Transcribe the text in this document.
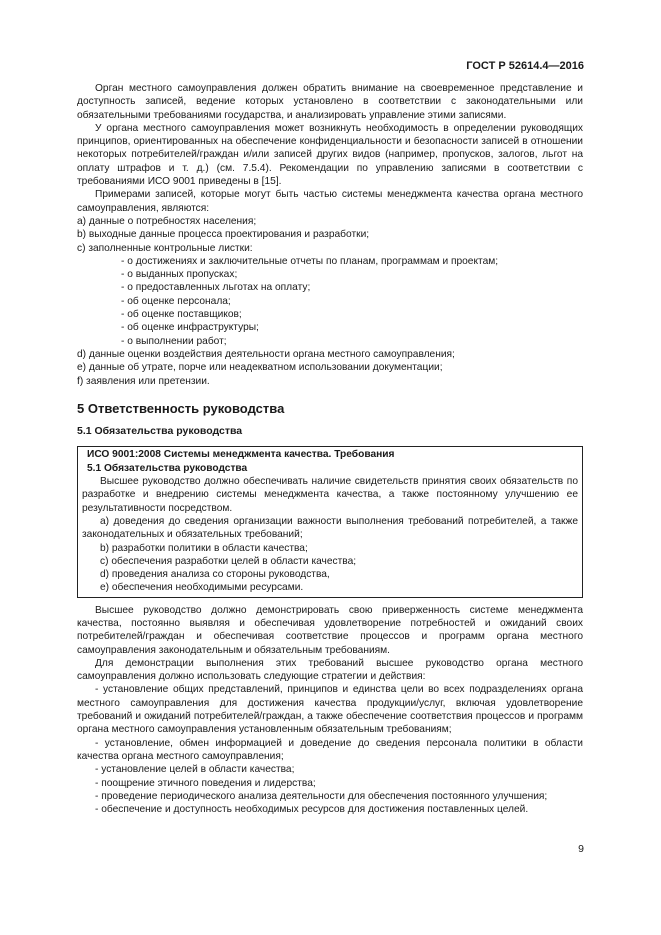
ГОСТ Р 52614.4—2016

Орган местного самоуправления должен обратить внимание на своевременное представление и доступность записей, ведение которых установлено в соответствии с законодательными или обязательными требованиями государства, и анализировать управление этими записями.

У органа местного самоуправления может возникнуть необходимость в определении руководящих принципов, ориентированных на обеспечение конфиденциальности и безопасности записей в отношении некоторых потребителей/граждан и/или записей других видов (например, пропусков, залогов, льгот на оплату штрафов и т. д.) (см. 7.5.4). Рекомендации по управлению записями в соответствии с требованиями ИСО 9001 приведены в [15].

Примерами записей, которые могут быть частью системы менеджмента качества органа местного самоуправления, являются:

a) данные о потребностях населения;

b) выходные данные процесса проектирования и разработки;

c) заполненные контрольные листки:

- о достижениях и заключительные отчеты по планам, программам и проектам;

- о выданных пропусках;

- о предоставленных льготах на оплату;

- об оценке персонала;

- об оценке поставщиков;

- об оценке инфраструктуры;

- о выполнении работ;

d) данные оценки воздействия деятельности органа местного самоуправления;

e) данные об утрате, порче или неадекватном использовании документации;

f) заявления или претензии.

5 Ответственность руководства
5.1 Обязательства руководства

ИСО 9001:2008 Системы менеджмента качества. Требования

5.1 Обязательства руководства

Высшее руководство должно обеспечивать наличие свидетельств принятия своих обязательств по разработке и внедрению системы менеджмента качества, а также постоянному улучшению ее результативности посредством.

а) доведения до сведения организации важности выполнения требований потребителей, а также законодательных и обязательных требований;

b) разработки политики в области качества;

c) обеспечения разработки целей в области качества;

d) проведения анализа со стороны руководства,

e) обеспечения необходимыми ресурсами.

Высшее руководство должно демонстрировать свою приверженность системе менеджмента качества, постоянно выявляя и обеспечивая удовлетворение потребностей и ожиданий своих потребителей/граждан и обеспечивая соответствие процессов и программ органа местного самоуправления законодательным и обязательным требованиям.

Для демонстрации выполнения этих требований высшее руководство органа местного самоуправления должно использовать следующие стратегии и действия:

- установление общих представлений, принципов и единства цели во всех подразделениях органа местного самоуправления для достижения качества продукции/услуг, включая удовлетворение требований и ожиданий потребителей/граждан, а также обеспечение соответствия процессов и программ органа местного самоуправления установленным обязательным требованиям;

- установление, обмен информацией и доведение до сведения персонала политики в области качества органа местного самоуправления;

- установление целей в области качества;

- поощрение этичного поведения и лидерства;

- проведение периодического анализа деятельности для обеспечения постоянного улучшения;

- обеспечение и доступность необходимых ресурсов для достижения поставленных целей.

9
